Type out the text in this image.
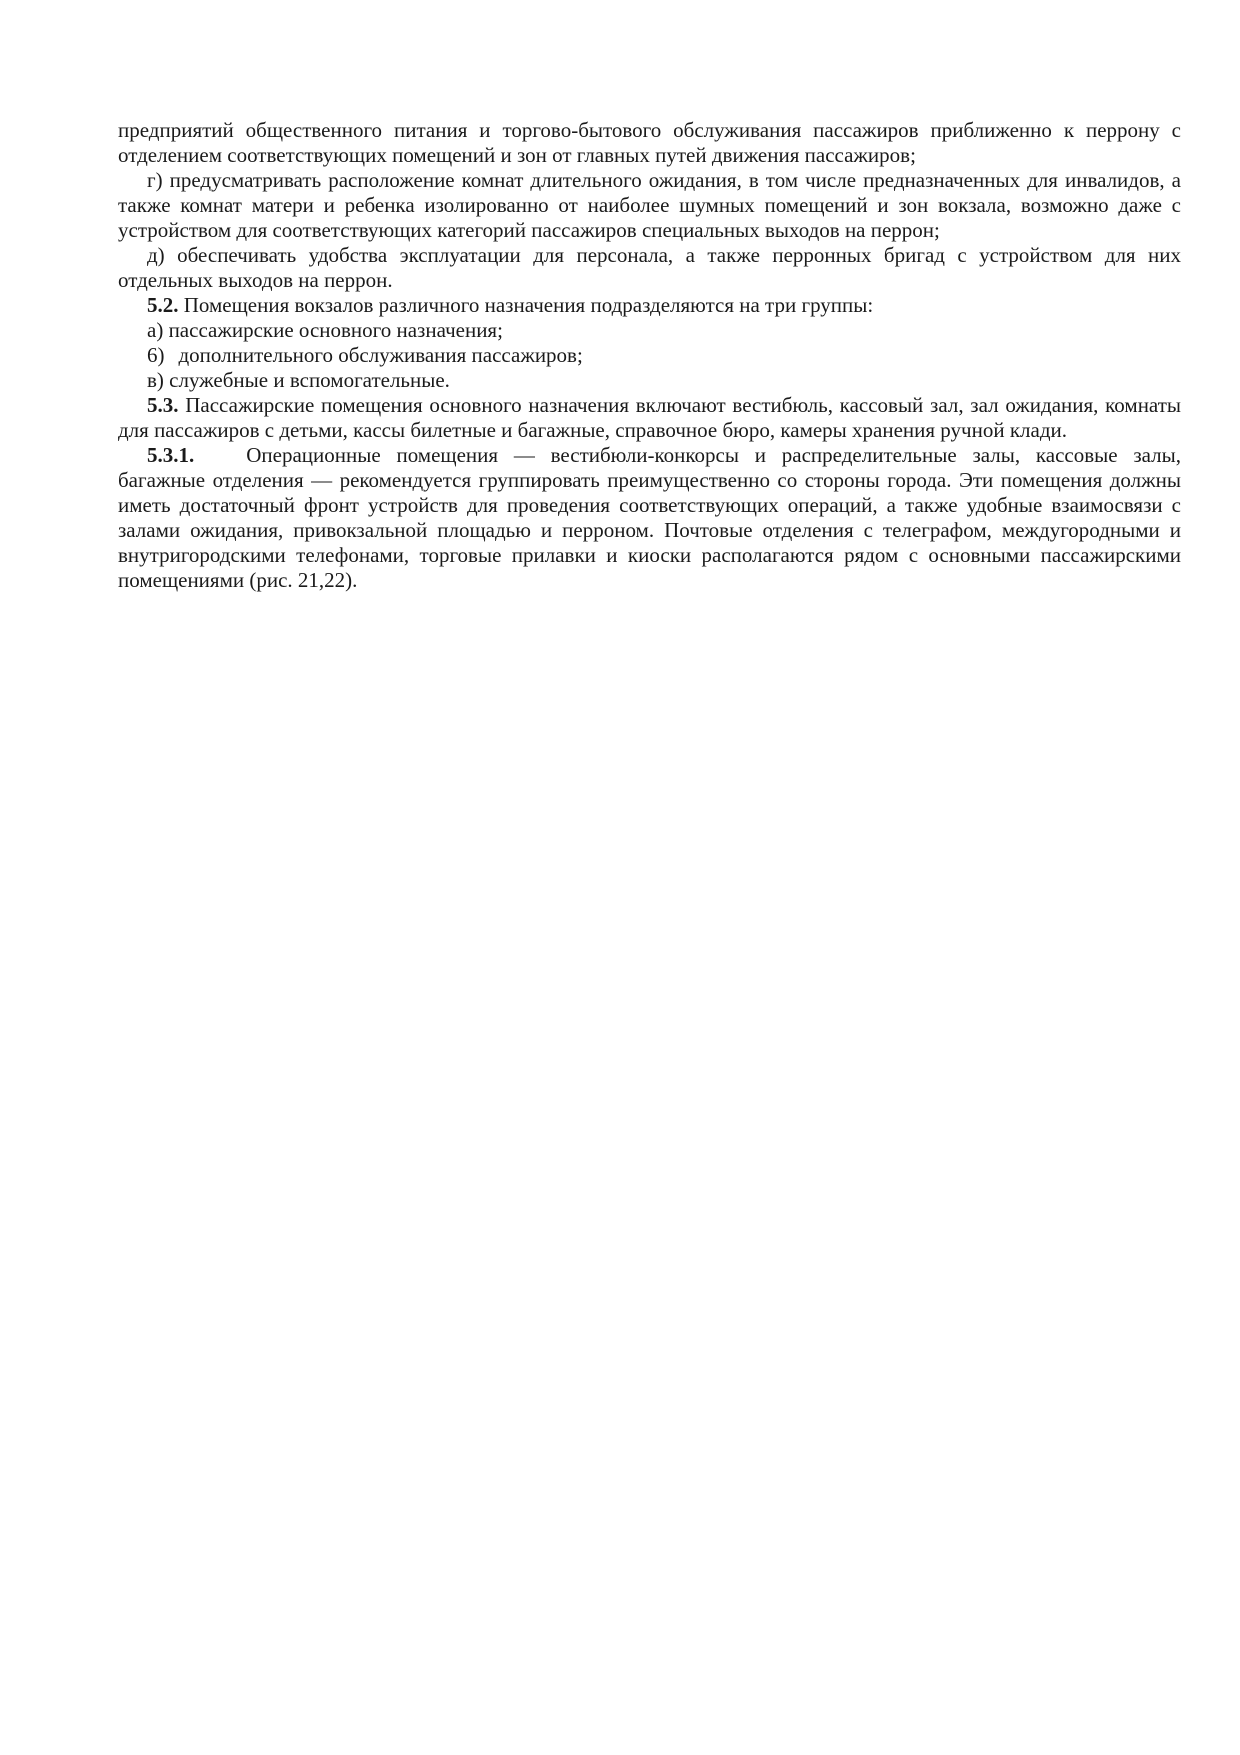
предприятий общественного питания и торгово-бытового обслуживания пассажиров приближенно к перрону с отделением соответствующих помещений и зон от главных путей движения пассажиров;

г) предусматривать расположение комнат длительного ожидания, в том числе предназначенных для инвалидов, а также комнат матери и ребенка изолированно от наиболее шумных помещений и зон вокзала, возможно даже с устройством для соответствующих категорий пассажиров специальных выходов на перрон;

д) обеспечивать удобства эксплуатации для персонала, а также перронных бригад с устройством для них отдельных выходов на перрон.

5.2. Помещения вокзалов различного назначения подразделяются на три группы:

а) пассажирские основного назначения;

6) дополнительного обслуживания пассажиров;

в) служебные и вспомогательные.

5.3. Пассажирские помещения основного назначения включают вестибюль, кассовый зал, зал ожидания, комнаты для пассажиров с детьми, кассы билетные и багажные, справочное бюро, камеры хранения ручной клади.

5.3.1. Операционные помещения — вестибюли-конкорсы и распределительные залы, кассовые залы, багажные отделения — рекомендуется группировать преимущественно со стороны города. Эти помещения должны иметь достаточный фронт устройств для проведения соответствующих операций, а также удобные взаимосвязи с залами ожидания, привокзальной площадью и перроном. Почтовые отделения с телеграфом, междугородными и внутригородскими телефонами, торговые прилавки и киоски располагаются рядом с основными пассажирскими помещениями (рис. 21,22).
